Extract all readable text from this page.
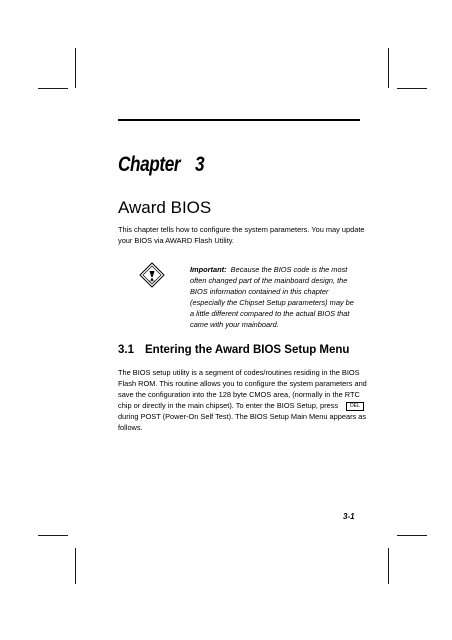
Chapter 3
Award BIOS
This chapter tells how to configure the system parameters. You may update
your BIOS via AWARD Flash Utility.
Important: Because the BIOS code is the most
often changed part of the mainboard design, the
BIOS information contained in this chapter
(especially the Chipset Setup parameters) may be
a little different compared to the actual BIOS that
came with your mainboard.
3.1 Entering the Award BIOS Setup Menu
The BIOS setup utility is a segment of codes/routines residing in the BIOS
Flash ROM. This routine allows you to configure the system parameters and
save the configuration into the 128 byte CMOS area, (normally in the RTC
chip or directly in the main chipset). To enter the BIOS Setup, press DEL
during POST (Power-On Self Test). The BIOS Setup Main Menu appears as
follows.
3-1
